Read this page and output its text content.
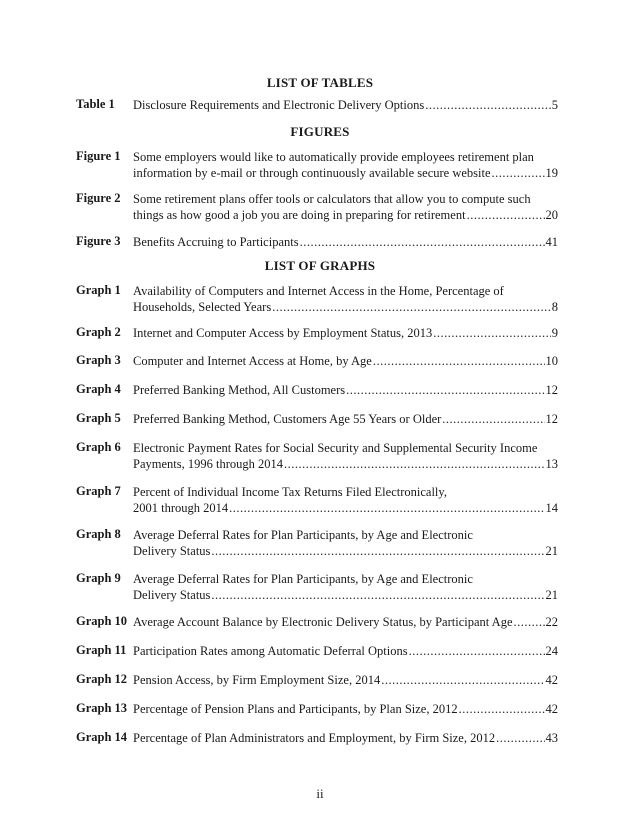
LIST OF TABLES
FIGURES
LIST OF GRAPHS
Table 1 Disclosure Requirements and Electronic Delivery Options .....	5
Figure 1 Some employers would like to automatically provide employees retirement plan
information by e-mail or through continuously available secure website .....	19
Figure 2 Some retirement plans offer tools or calculators that allow you to compute such
things as how good a job you are doing in preparing for retirement .....	20
Figure 3 Benefits Accruing to Participants .....	41
Graph 1 Availability of Computers and Internet Access in the Home, Percentage of
Households, Selected Years .....	8
Graph 2 Internet and Computer Access by Employment Status, 2013 .....	9
Graph 3 Computer and Internet Access at Home, by Age .....	10
Graph 4 Preferred Banking Method, All Customers .....	12
Graph 5 Preferred Banking Method, Customers Age 55 Years or Older .....	12
Graph 6 Electronic Payment Rates for Social Security and Supplemental Security Income
Payments, 1996 through 2014 .....	13
Graph 7 Percent of Individual Income Tax Returns Filed Electronically,
2001 through 2014 .....	14
Graph 8 Average Deferral Rates for Plan Participants, by Age and Electronic
Delivery Status .....	21
Graph 9 Average Deferral Rates for Plan Participants, by Age and Electronic
Delivery Status .....	21
Graph 10 Average Account Balance by Electronic Delivery Status, by Participant Age .....	22
Graph 11 Participation Rates among Automatic Deferral Options .....	24
Graph 12 Pension Access, by Firm Employment Size, 2014 .....	42
Graph 13 Percentage of Pension Plans and Participants, by Plan Size, 2012 .....	42
Graph 14 Percentage of Plan Administrators and Employment, by Firm Size, 2012 .....	43
ii
